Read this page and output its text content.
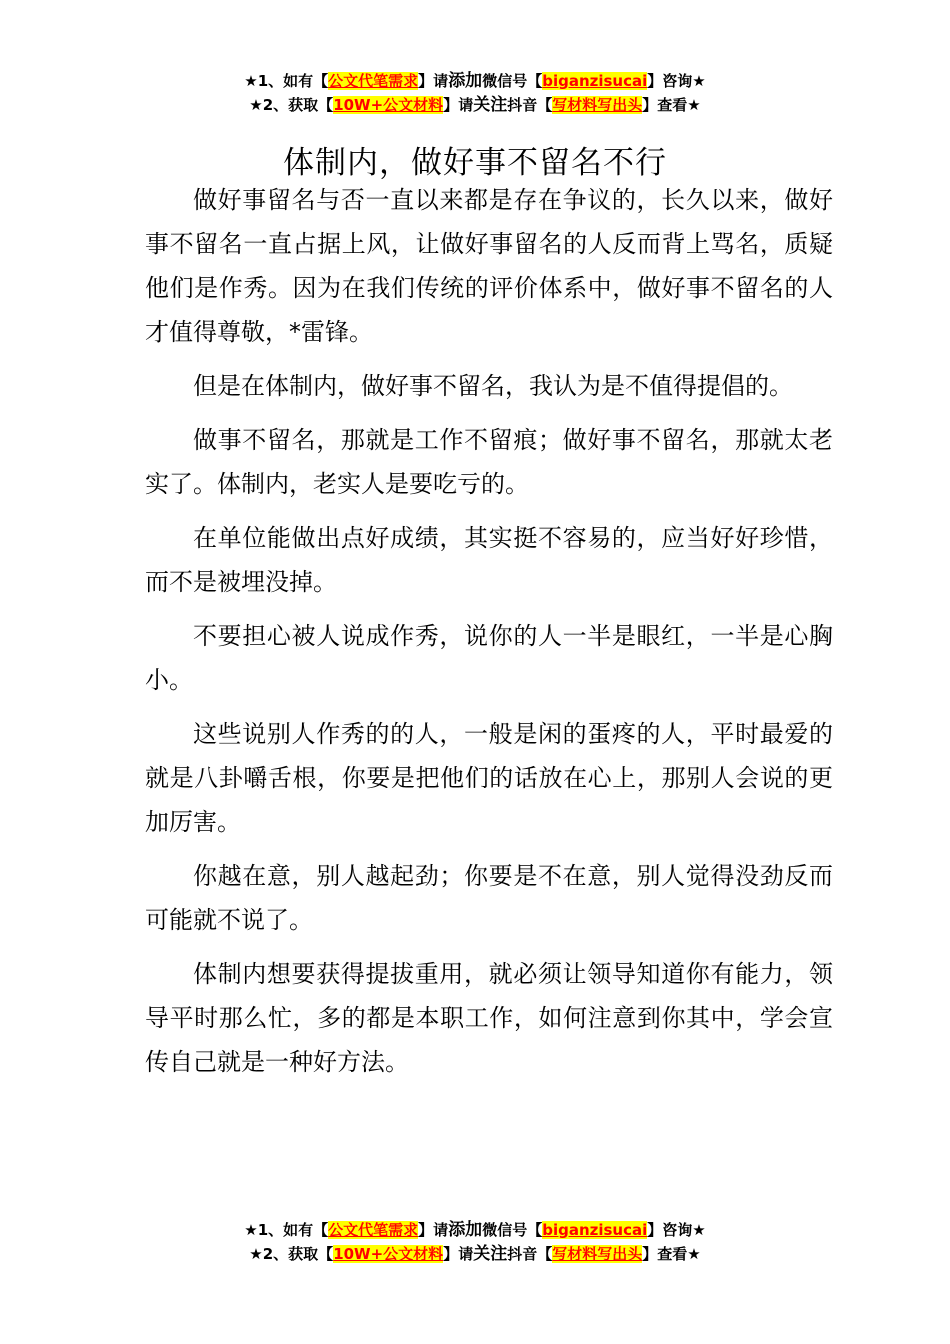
★1、如有【公文代笔需求】请添加微信号【biganzisucai】咨询★
★2、获取【10W+公文材料】请关注抖音【写材料写出头】查看★
体制内，做好事不留名不行

做好事留名与否一直以来都是存在争议的，长久以来，做好事不留名一直占据上风，让做好事留名的人反而背上骂名，质疑他们是作秀。因为在我们传统的评价体系中，做好事不留名的人才值得尊敬，*雷锋。

但是在体制内，做好事不留名，我认为是不值得提倡的。

做事不留名，那就是工作不留痕；做好事不留名，那就太老实了。体制内，老实人是要吃亏的。

在单位能做出点好成绩，其实挺不容易的，应当好好珍惜，而不是被埋没掉。

不要担心被人说成作秀，说你的人一半是眼红，一半是心胸小。

这些说别人作秀的的人，一般是闲的蛋疼的人，平时最爱的就是八卦嚼舌根，你要是把他们的话放在心上，那别人会说的更加厉害。

你越在意，别人越起劲；你要是不在意，别人觉得没劲反而可能就不说了。

体制内想要获得提拔重用，就必须让领导知道你有能力，领导平时那么忙，多的都是本职工作，如何注意到你其中，学会宣传自己就是一种好方法。

★1、如有【公文代笔需求】请添加微信号【biganzisucai】咨询★
★2、获取【10W+公文材料】请关注抖音【写材料写出头】查看★
